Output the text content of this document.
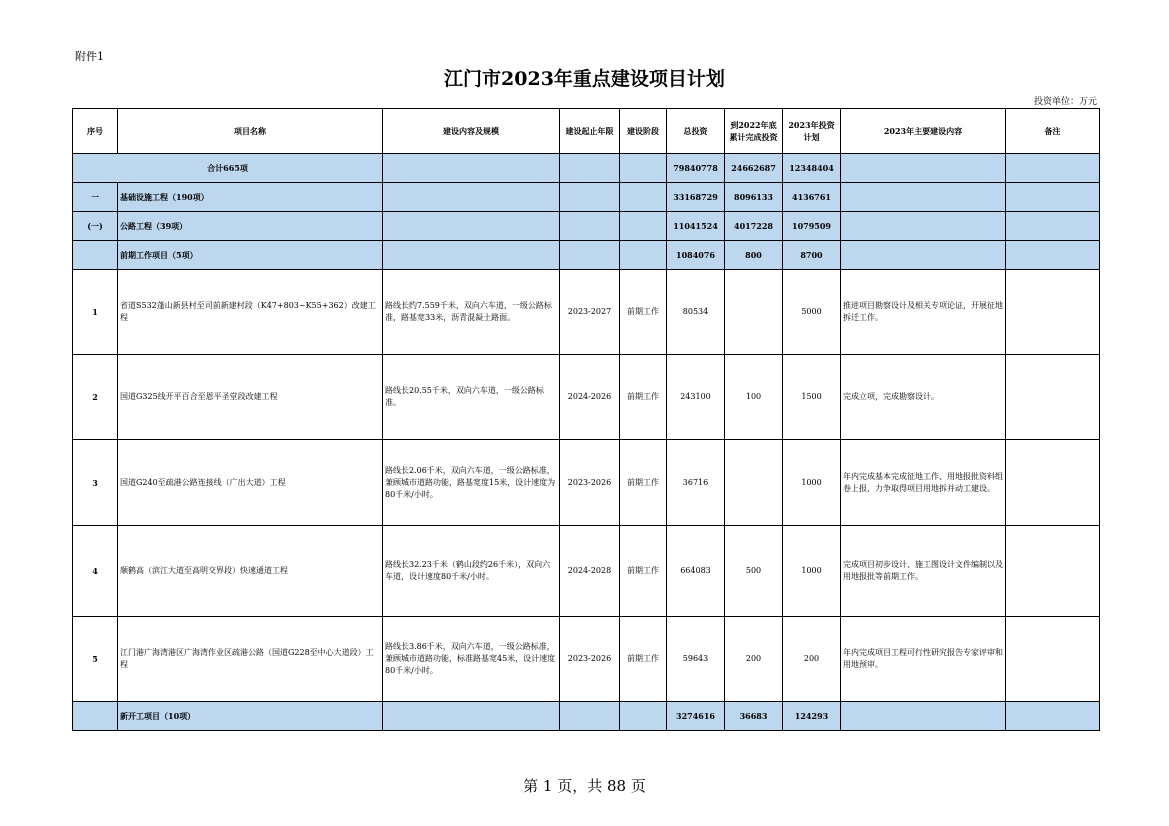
附件1
江门市2023年重点建设项目计划
投资单位：万元
序号	项目名称	建设内容及规模	建设起止年限	建设阶段	总投资	到2022年底累计完成投资	2023年投资计划	2023年主要建设内容	备注
合计665项					79840778	24662687	12348404		
一	基础设施工程（190项）				33168729	8096133	4136761		
(一)	公路工程（39项）				11041524	4017228	1079509		
	前期工作项目（5项）				1084076	800	8700		
1	省道S532蓬山新县村至司前新建村段（K47+803~K55+362）改建工程	路线长约7.559千米，双向六车道，一级公路标准，路基宽33米，沥青混凝土路面。	2023-2027	前期工作	80534		5000	推进项目勘察设计及相关专项论证，开展征地拆迁工作。	
2	国道G325线开平百合至恩平圣堂段改建工程	路线长20.55千米，双向六车道，一级公路标准。	2024-2026	前期工作	243100	100	1500	完成立项，完成勘察设计。	
3	国道G240至疏港公路连接线（广出大道）工程	路线长2.06千米，双向六车道，一级公路标准，兼顾城市道路功能，路基宽度15米，设计速度为80千米/小时。	2023-2026	前期工作	36716		1000	年内完成基本完成征地工作、用地报批资料组卷上报，力争取得项目用地拆并动工建设。	
4	顺鹤高（滨江大道至高明交界段）快速通道工程	路线长32.23千米（鹤山段约26千米），双向六车道，设计速度80千米/小时。	2024-2028	前期工作	664083	500	1000	完成项目初步设计、施工图设计文件编制以及用地报批等前期工作。	
5	江门港广海湾港区广海湾作业区疏港公路（国道G228至中心大道段）工程	路线长3.86千米，双向六车道，一级公路标准，兼顾城市道路功能，标准路基宽45米，设计速度80千米/小时。	2023-2026	前期工作	59643	200	200	年内完成项目工程可行性研究报告专家评审和用地预审。	
	新开工项目（10项）				3274616	36683	124293		
第 1 页，共 88 页
